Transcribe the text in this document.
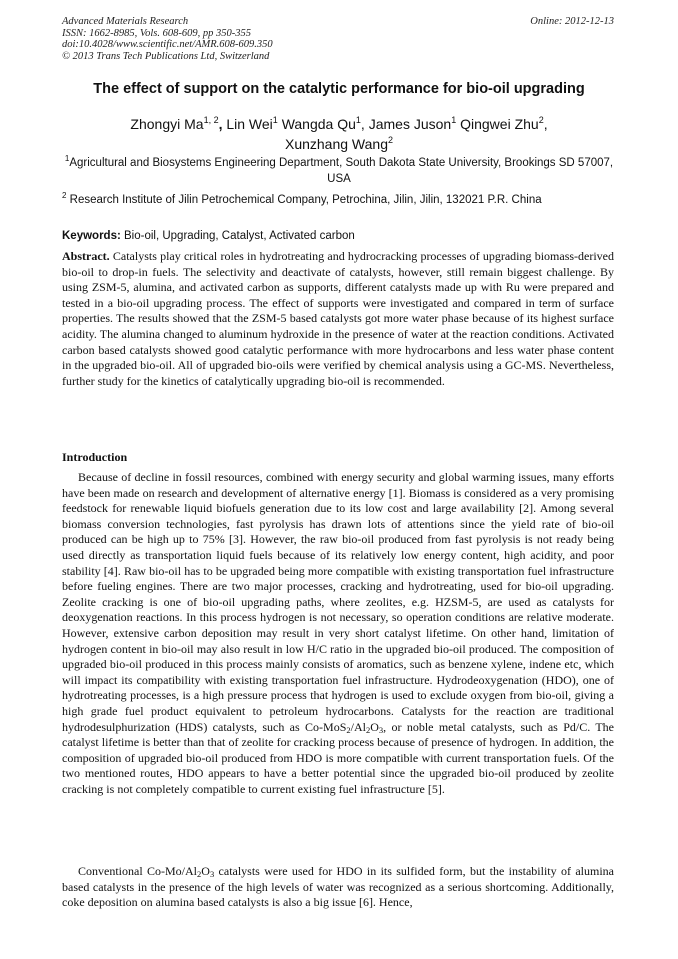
Advanced Materials Research
ISSN: 1662-8985, Vols. 608-609, pp 350-355
doi:10.4028/www.scientific.net/AMR.608-609.350
© 2013 Trans Tech Publications Ltd, Switzerland
Online: 2012-12-13
The effect of support on the catalytic performance for bio-oil upgrading
Zhongyi Ma$^{1, 2}$, Lin Wei$^1$ Wangda Qu$^1$, James Juson$^1$ Qingwei Zhu$^2$,
Xunzhang Wang$^2$
$^1$Agricultural and Biosystems Engineering Department, South Dakota State University, Brookings SD 57007, USA
$^2$ Research Institute of Jilin Petrochemical Company, Petrochina, Jilin, Jilin, 132021 P.R. China
Keywords: Bio-oil, Upgrading, Catalyst, Activated carbon
Abstract. Catalysts play critical roles in hydrotreating and hydrocracking processes of upgrading biomass-derived bio-oil to drop-in fuels. The selectivity and deactivate of catalysts, however, still remain biggest challenge. By using ZSM-5, alumina, and activated carbon as supports, different catalysts made up with Ru were prepared and tested in a bio-oil upgrading process. The effect of supports were investigated and compared in term of surface properties. The results showed that the ZSM-5 based catalysts got more water phase because of its highest surface acidity. The alumina changed to aluminum hydroxide in the presence of water at the reaction conditions. Activated carbon based catalysts showed good catalytic performance with more hydrocarbons and less water phase content in the upgraded bio-oil. All of upgraded bio-oils were verified by chemical analysis using a GC-MS. Nevertheless, further study for the kinetics of catalytically upgrading bio-oil is recommended.
Introduction
Because of decline in fossil resources, combined with energy security and global warming issues, many efforts have been made on research and development of alternative energy [1]. Biomass is considered as a very promising feedstock for renewable liquid biofuels generation due to its low cost and large availability [2]. Among several biomass conversion technologies, fast pyrolysis has drawn lots of attentions since the yield rate of bio-oil produced can be high up to 75% [3]. However, the raw bio-oil produced from fast pyrolysis is not ready being used directly as transportation liquid fuels because of its relatively low energy content, high acidity, and poor stability [4]. Raw bio-oil has to be upgraded being more compatible with existing transportation fuel infrastructure before fueling engines. There are two major processes, cracking and hydrotreating, used for bio-oil upgrading. Zeolite cracking is one of bio-oil upgrading paths, where zeolites, e.g. HZSM-5, are used as catalysts for deoxygenation reactions. In this process hydrogen is not necessary, so operation conditions are relative moderate. However, extensive carbon deposition may result in very short catalyst lifetime. On other hand, limitation of hydrogen content in bio-oil may also result in low H/C ratio in the upgraded bio-oil produced. The composition of upgraded bio-oil produced in this process mainly consists of aromatics, such as benzene xylene, indene etc, which will impact its compatibility with existing transportation fuel infrastructure. Hydrodeoxygenation (HDO), one of hydrotreating processes, is a high pressure process that hydrogen is used to exclude oxygen from bio-oil, giving a high grade fuel product equivalent to petroleum hydrocarbons. Catalysts for the reaction are traditional hydrodesulphurization (HDS) catalysts, such as $Co-MoS_2/Al_2O_3$, or noble metal catalysts, such as Pd/C. The catalyst lifetime is better than that of zeolite for cracking process because of presence of hydrogen. In addition, the composition of upgraded bio-oil produced from HDO is more compatible with current transportation fuels. Of the two mentioned routes, HDO appears to have a better potential since the upgraded bio-oil produced by zeolite cracking is not completely compatible to current existing fuel infrastructure [5].
Conventional $Co-Mo/Al_2O_3$ catalysts were used for HDO in its sulfided form, but the instability of alumina based catalysts in the presence of the high levels of water was recognized as a serious shortcoming. Additionally, coke deposition on alumina based catalysts is also a big issue [6]. Hence,
